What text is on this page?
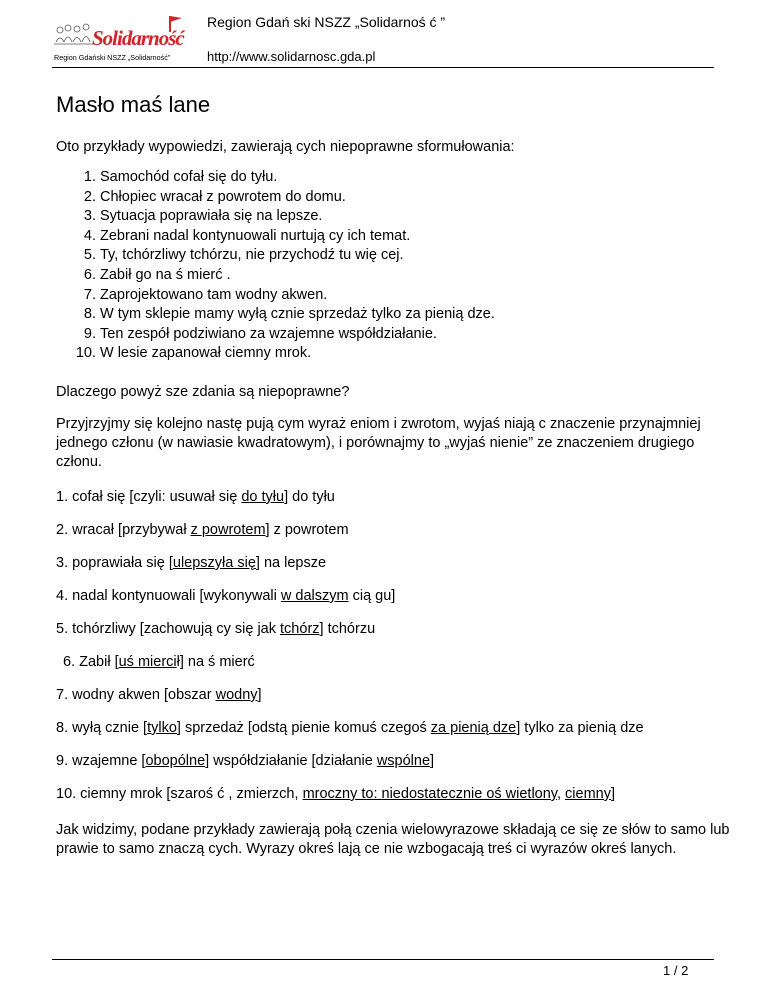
Solidarność
Region Gdański NSZZ „Solidarność”
Region Gdań ski NSZZ „Solidarnoś ć ”
http://www.solidarnosc.gda.pl
Masło maś lane

Oto przykłady wypowiedzi, zawierają cych niepoprawne sformułowania:

1. Samochód cofał się do tyłu.
2. Chłopiec wracał z powrotem do domu.
3. Sytuacja poprawiała się na lepsze.
4. Zebrani nadal kontynuowali nurtują cy ich temat.
5. Ty, tchórzliwy tchórzu, nie przychodź tu wię cej.
6. Zabił go na ś mierć .
7. Zaprojektowano tam wodny akwen.
8. W tym sklepie mamy wyłą cznie sprzedaż tylko za pienią dze.
9. Ten zespół podziwiano za wzajemne współdziałanie.
10. W lesie zapanował ciemny mrok.

Dlaczego powyż sze zdania są niepoprawne?

Przyjrzyjmy się kolejno nastę pują cym wyraż eniom i zwrotom, wyjaś niają c znaczenie przynajmniej jednego członu (w nawiasie kwadratowym), i porównajmy to „wyjaś nienie” ze znaczeniem drugiego członu.

1. cofał się [czyli: usuwał się do tyłu] do tyłu

2. wracał [przybywał z powrotem] z powrotem

3. poprawiała się [ulepszyła się] na lepsze

4. nadal kontynuowali [wykonywali w dalszym cią gu]

5. tchórzliwy [zachowują cy się jak tchórz] tchórzu

6. Zabił [uś miercił] na ś mierć

7. wodny akwen [obszar wodny]

8. wyłą cznie [tylko] sprzedaż [odstą pienie komuś czegoś za pienią dze] tylko za pienią dze

9. wzajemne [obopólne] współdziałanie [działanie wspólne]

10. ciemny mrok [szaroś ć , zmierzch, mroczny to: niedostatecznie oś wietlony, ciemny]

Jak widzimy, podane przykłady zawierają połą czenia wielowyrazowe składają ce się ze słów to samo lub prawie to samo znaczą cych. Wyrazy okreś lają ce nie wzbogacają treś ci wyrazów okreś lanych.

1 / 2
